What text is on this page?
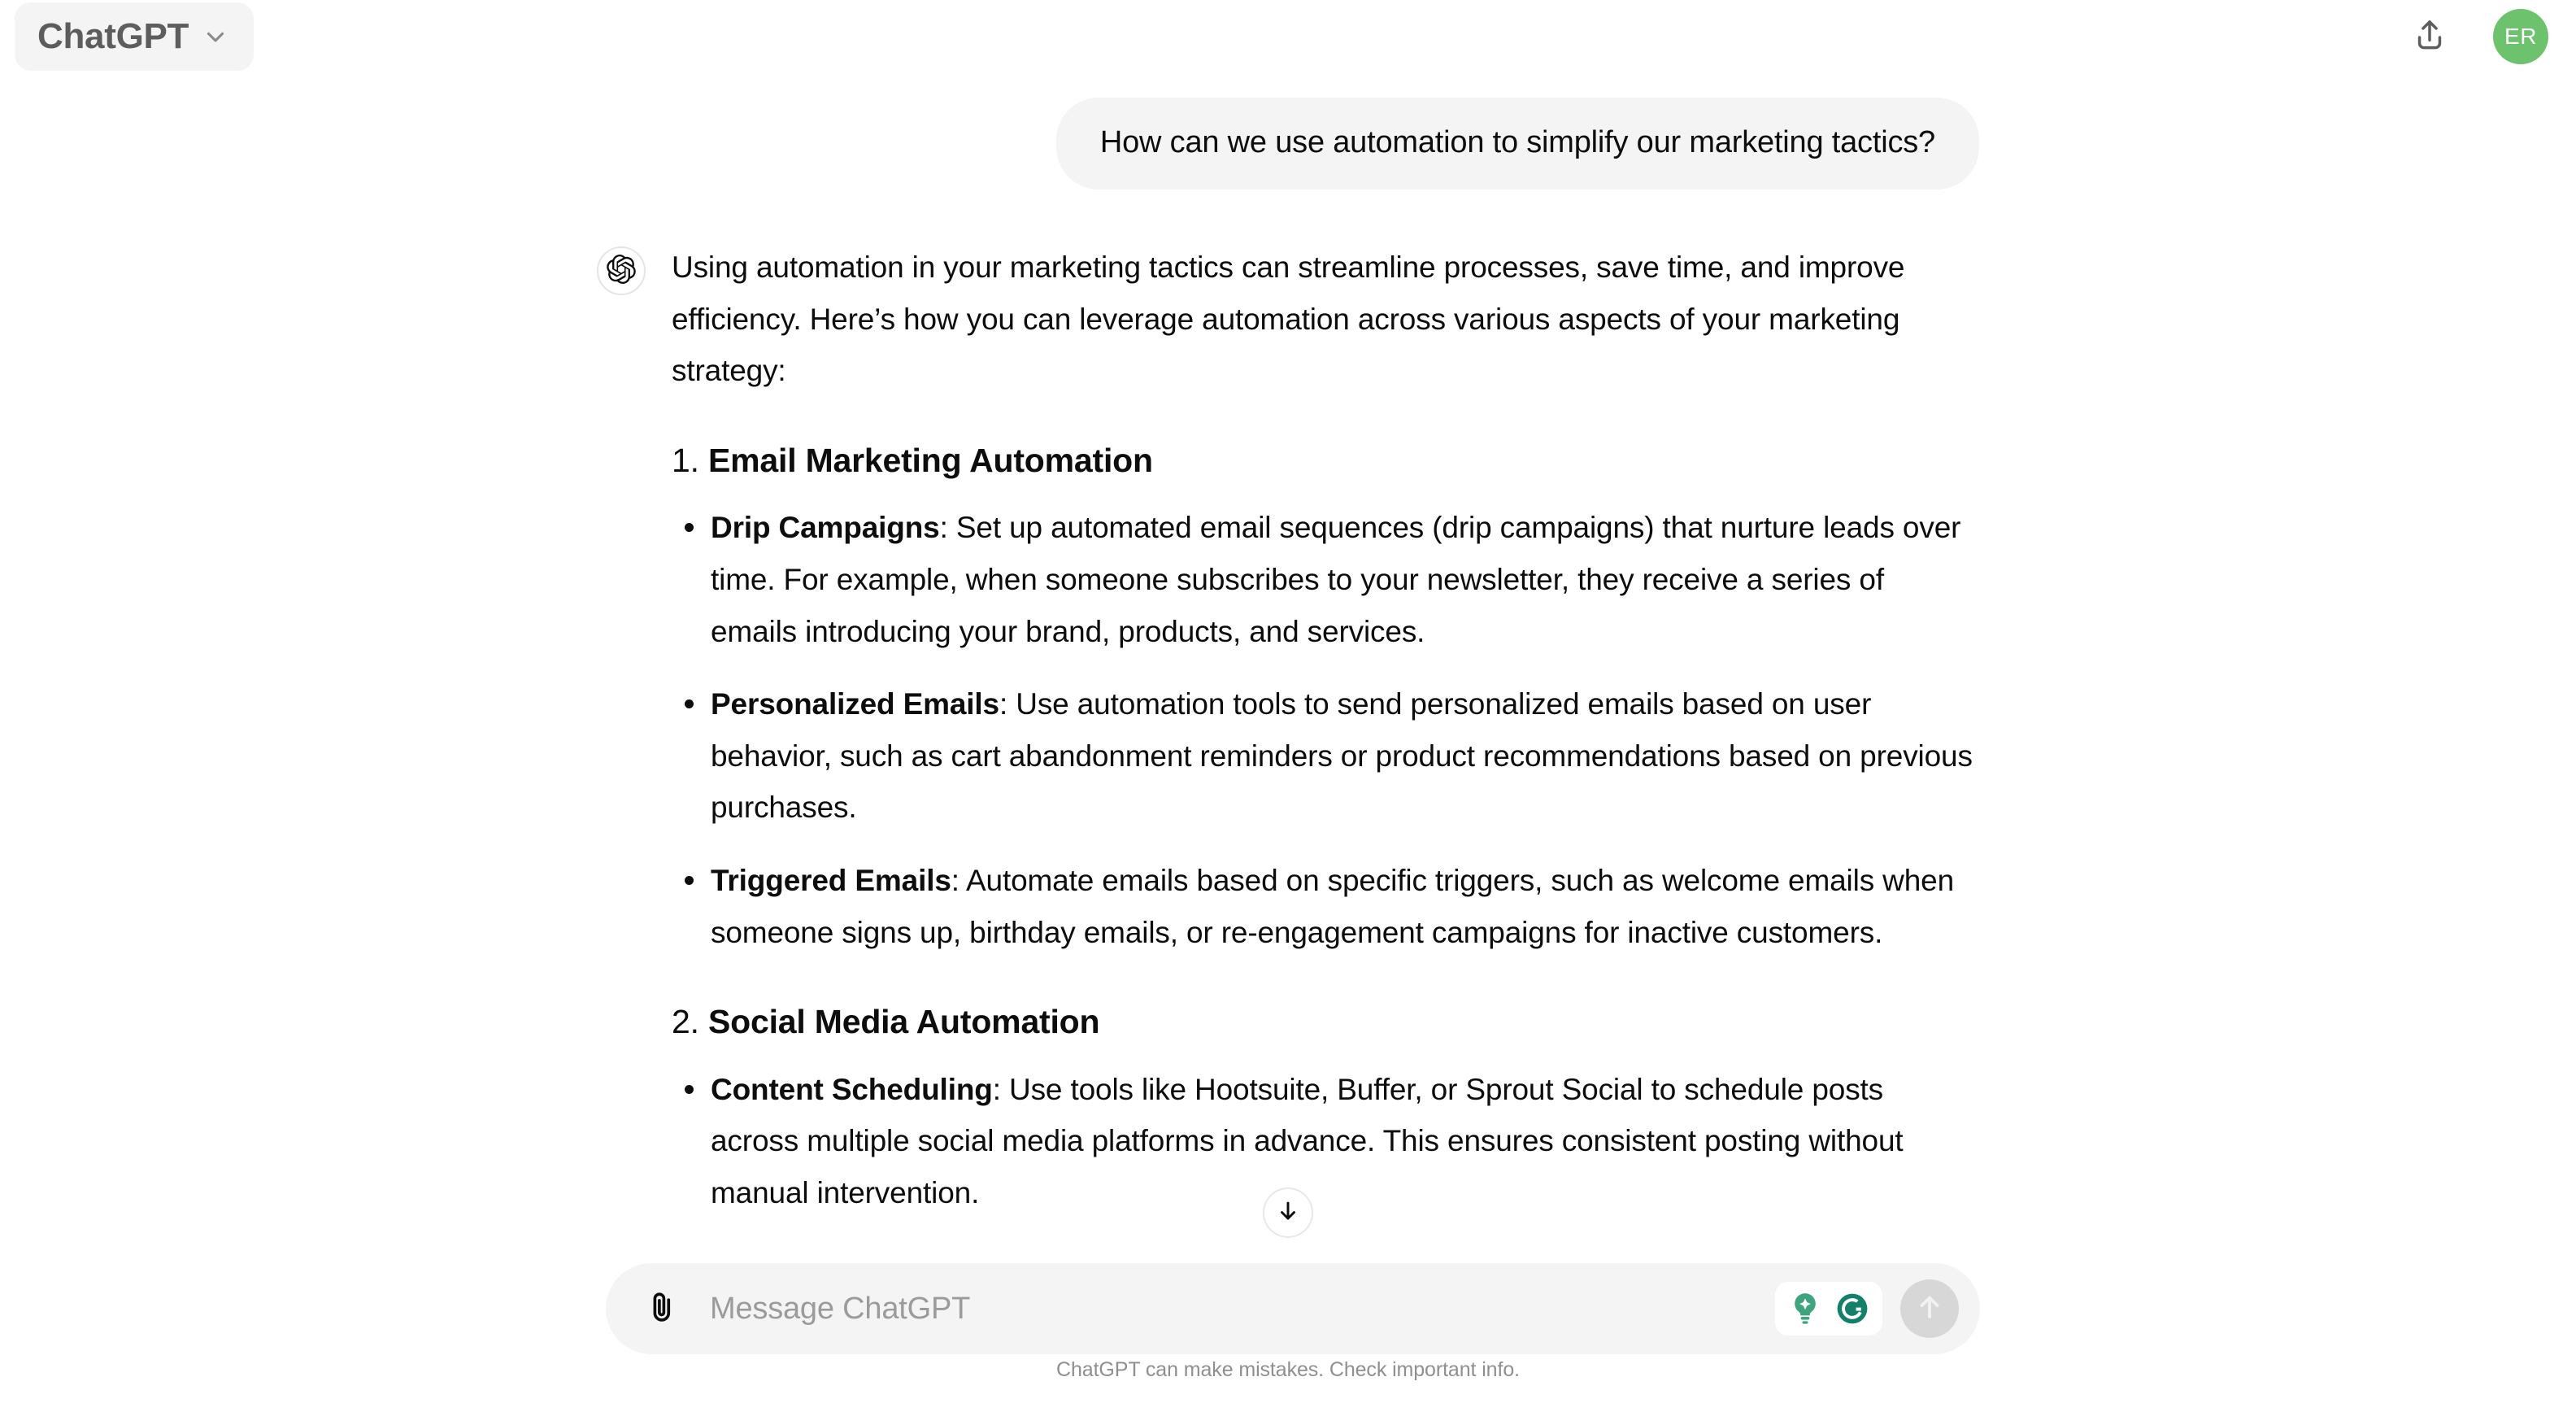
ChatGPT	ER
How can we use automation to simplify our marketing tactics?

Using automation in your marketing tactics can streamline processes, save time, and improve efficiency. Here’s how you can leverage automation across various aspects of your marketing strategy:

1. Email Marketing Automation
Drip Campaigns: Set up automated email sequences (drip campaigns) that nurture leads over time. For example, when someone subscribes to your newsletter, they receive a series of emails introducing your brand, products, and services.
Personalized Emails: Use automation tools to send personalized emails based on user behavior, such as cart abandonment reminders or product recommendations based on previous purchases.
Triggered Emails: Automate emails based on specific triggers, such as welcome emails when someone signs up, birthday emails, or re-engagement campaigns for inactive customers.
2. Social Media Automation
Content Scheduling: Use tools like Hootsuite, Buffer, or Sprout Social to schedule posts across multiple social media platforms in advance. This ensures consistent posting without manual intervention.
Message ChatGPT
ChatGPT can make mistakes. Check important info.
